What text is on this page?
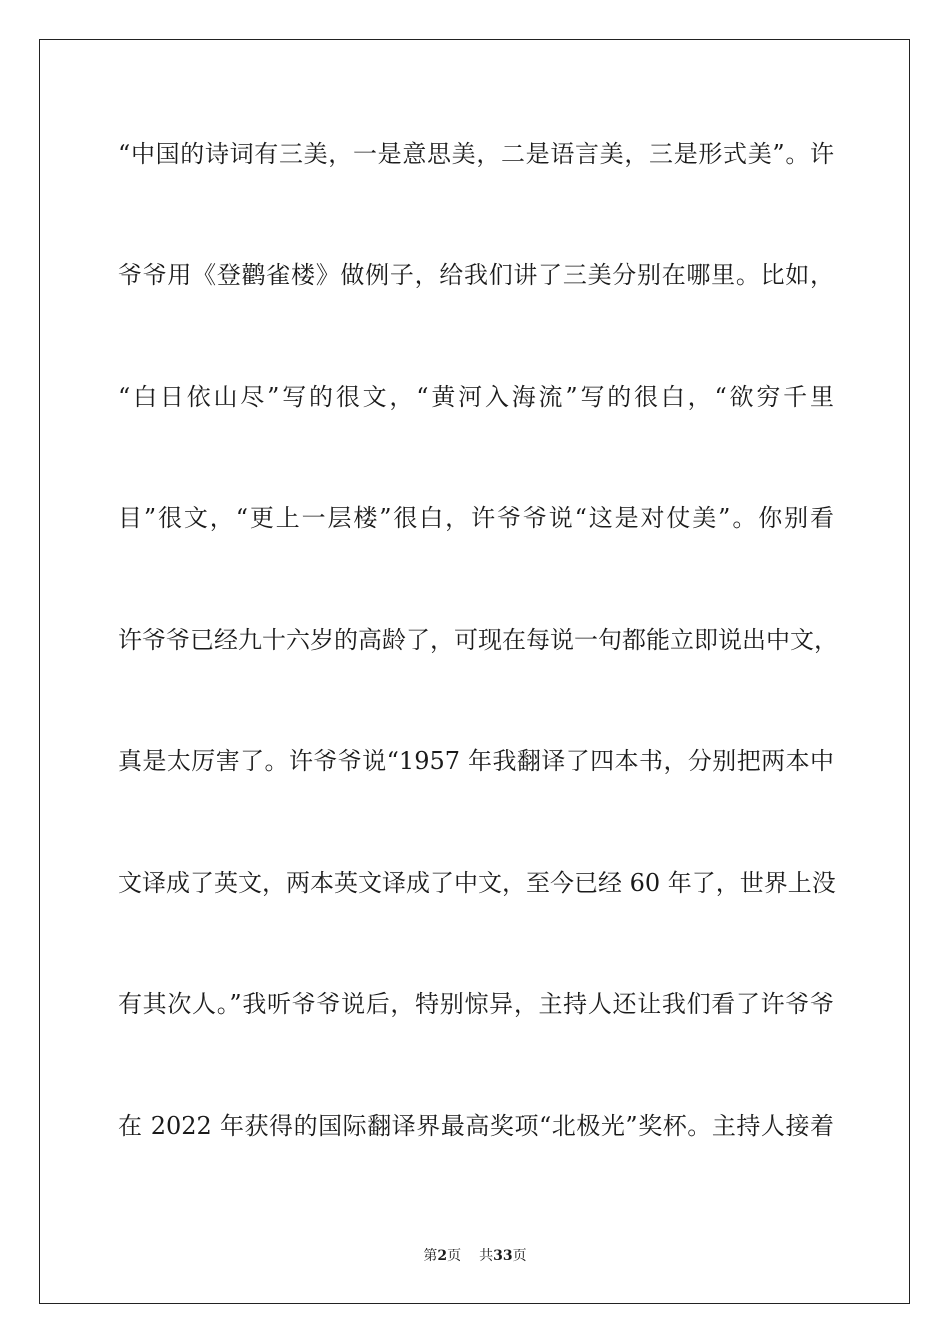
“中国的诗词有三美，一是意思美，二是语言美，三是形式美”。许
爷爷用《登鹳雀楼》做例子，给我们讲了三美分别在哪里。比如，
“白日依山尽”写的很文，“黄河入海流”写的很白，“欲穷千里
目”很文，“更上一层楼”很白，许爷爷说“这是对仗美”。你别看
许爷爷已经九十六岁的高龄了，可现在每说一句都能立即说出中文，
真是太厉害了。许爷爷说“1957 年我翻译了四本书，分别把两本中
文译成了英文，两本英文译成了中文，至今已经 60 年了，世界上没
有其次人。”我听爷爷说后，特别惊异，主持人还让我们看了许爷爷
在 2022 年获得的国际翻译界最高奖项“北极光”奖杯。主持人接着
第2页 共33页
